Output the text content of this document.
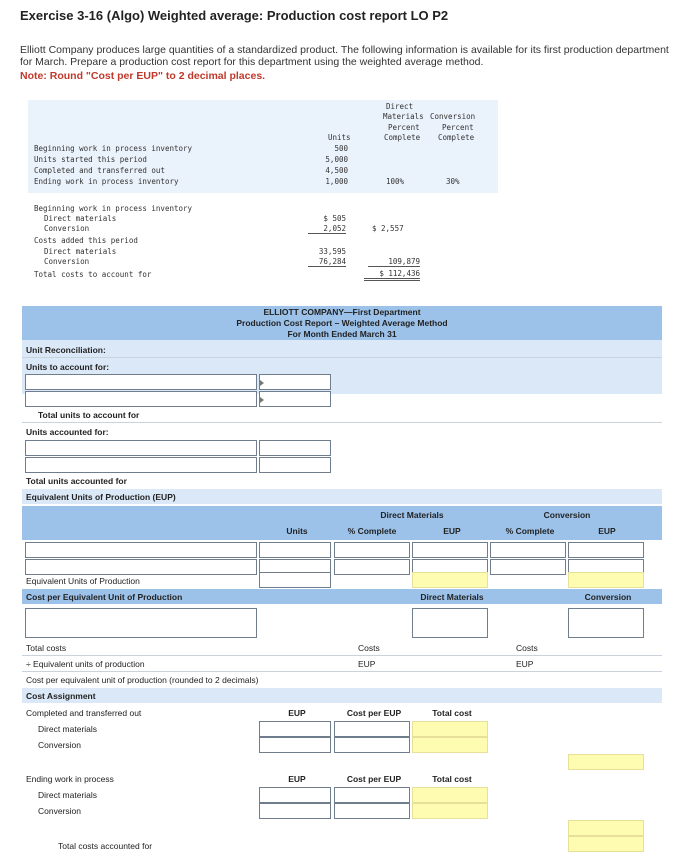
Exercise 3-16 (Algo) Weighted average: Production cost report LO P2
Elliott Company produces large quantities of a standardized product. The following information is available for its first production department for March. Prepare a production cost report for this department using the weighted average method.
Note: Round "Cost per EUP" to 2 decimal places.
Direct
Materials Conversion
Percent	Percent
Units	Complete Complete
Beginning work in process inventory	500
Units started this period	5,000
Completed and transferred out	4,500
Ending work in process inventory	1,000	100%	30%
Beginning work in process inventory
Direct materials	$ 505
Conversion	2,052	$ 2,557
Costs added this period
Direct materials	33,595
Conversion	76,284	109,879
Total costs to account for	$ 112,436
ELLIOTT COMPANY—First Department
Production Cost Report – Weighted Average Method
For Month Ended March 31
Unit Reconciliation:
Units to account for:
Total units to account for
Units accounted for:
Total units accounted for
Equivalent Units of Production (EUP)
Direct Materials	Conversion
Units	% Complete	EUP	% Complete	EUP
Equivalent Units of Production
Cost per Equivalent Unit of Production	Direct Materials	Conversion
Total costs	Costs	Costs
÷ Equivalent units of production	EUP	EUP
Cost per equivalent unit of production (rounded to 2 decimals)
Cost Assignment
Completed and transferred out	EUP	Cost per EUP	Total cost
Direct materials
Conversion
Ending work in process	EUP	Cost per EUP	Total cost
Direct materials
Conversion
Total costs accounted for
